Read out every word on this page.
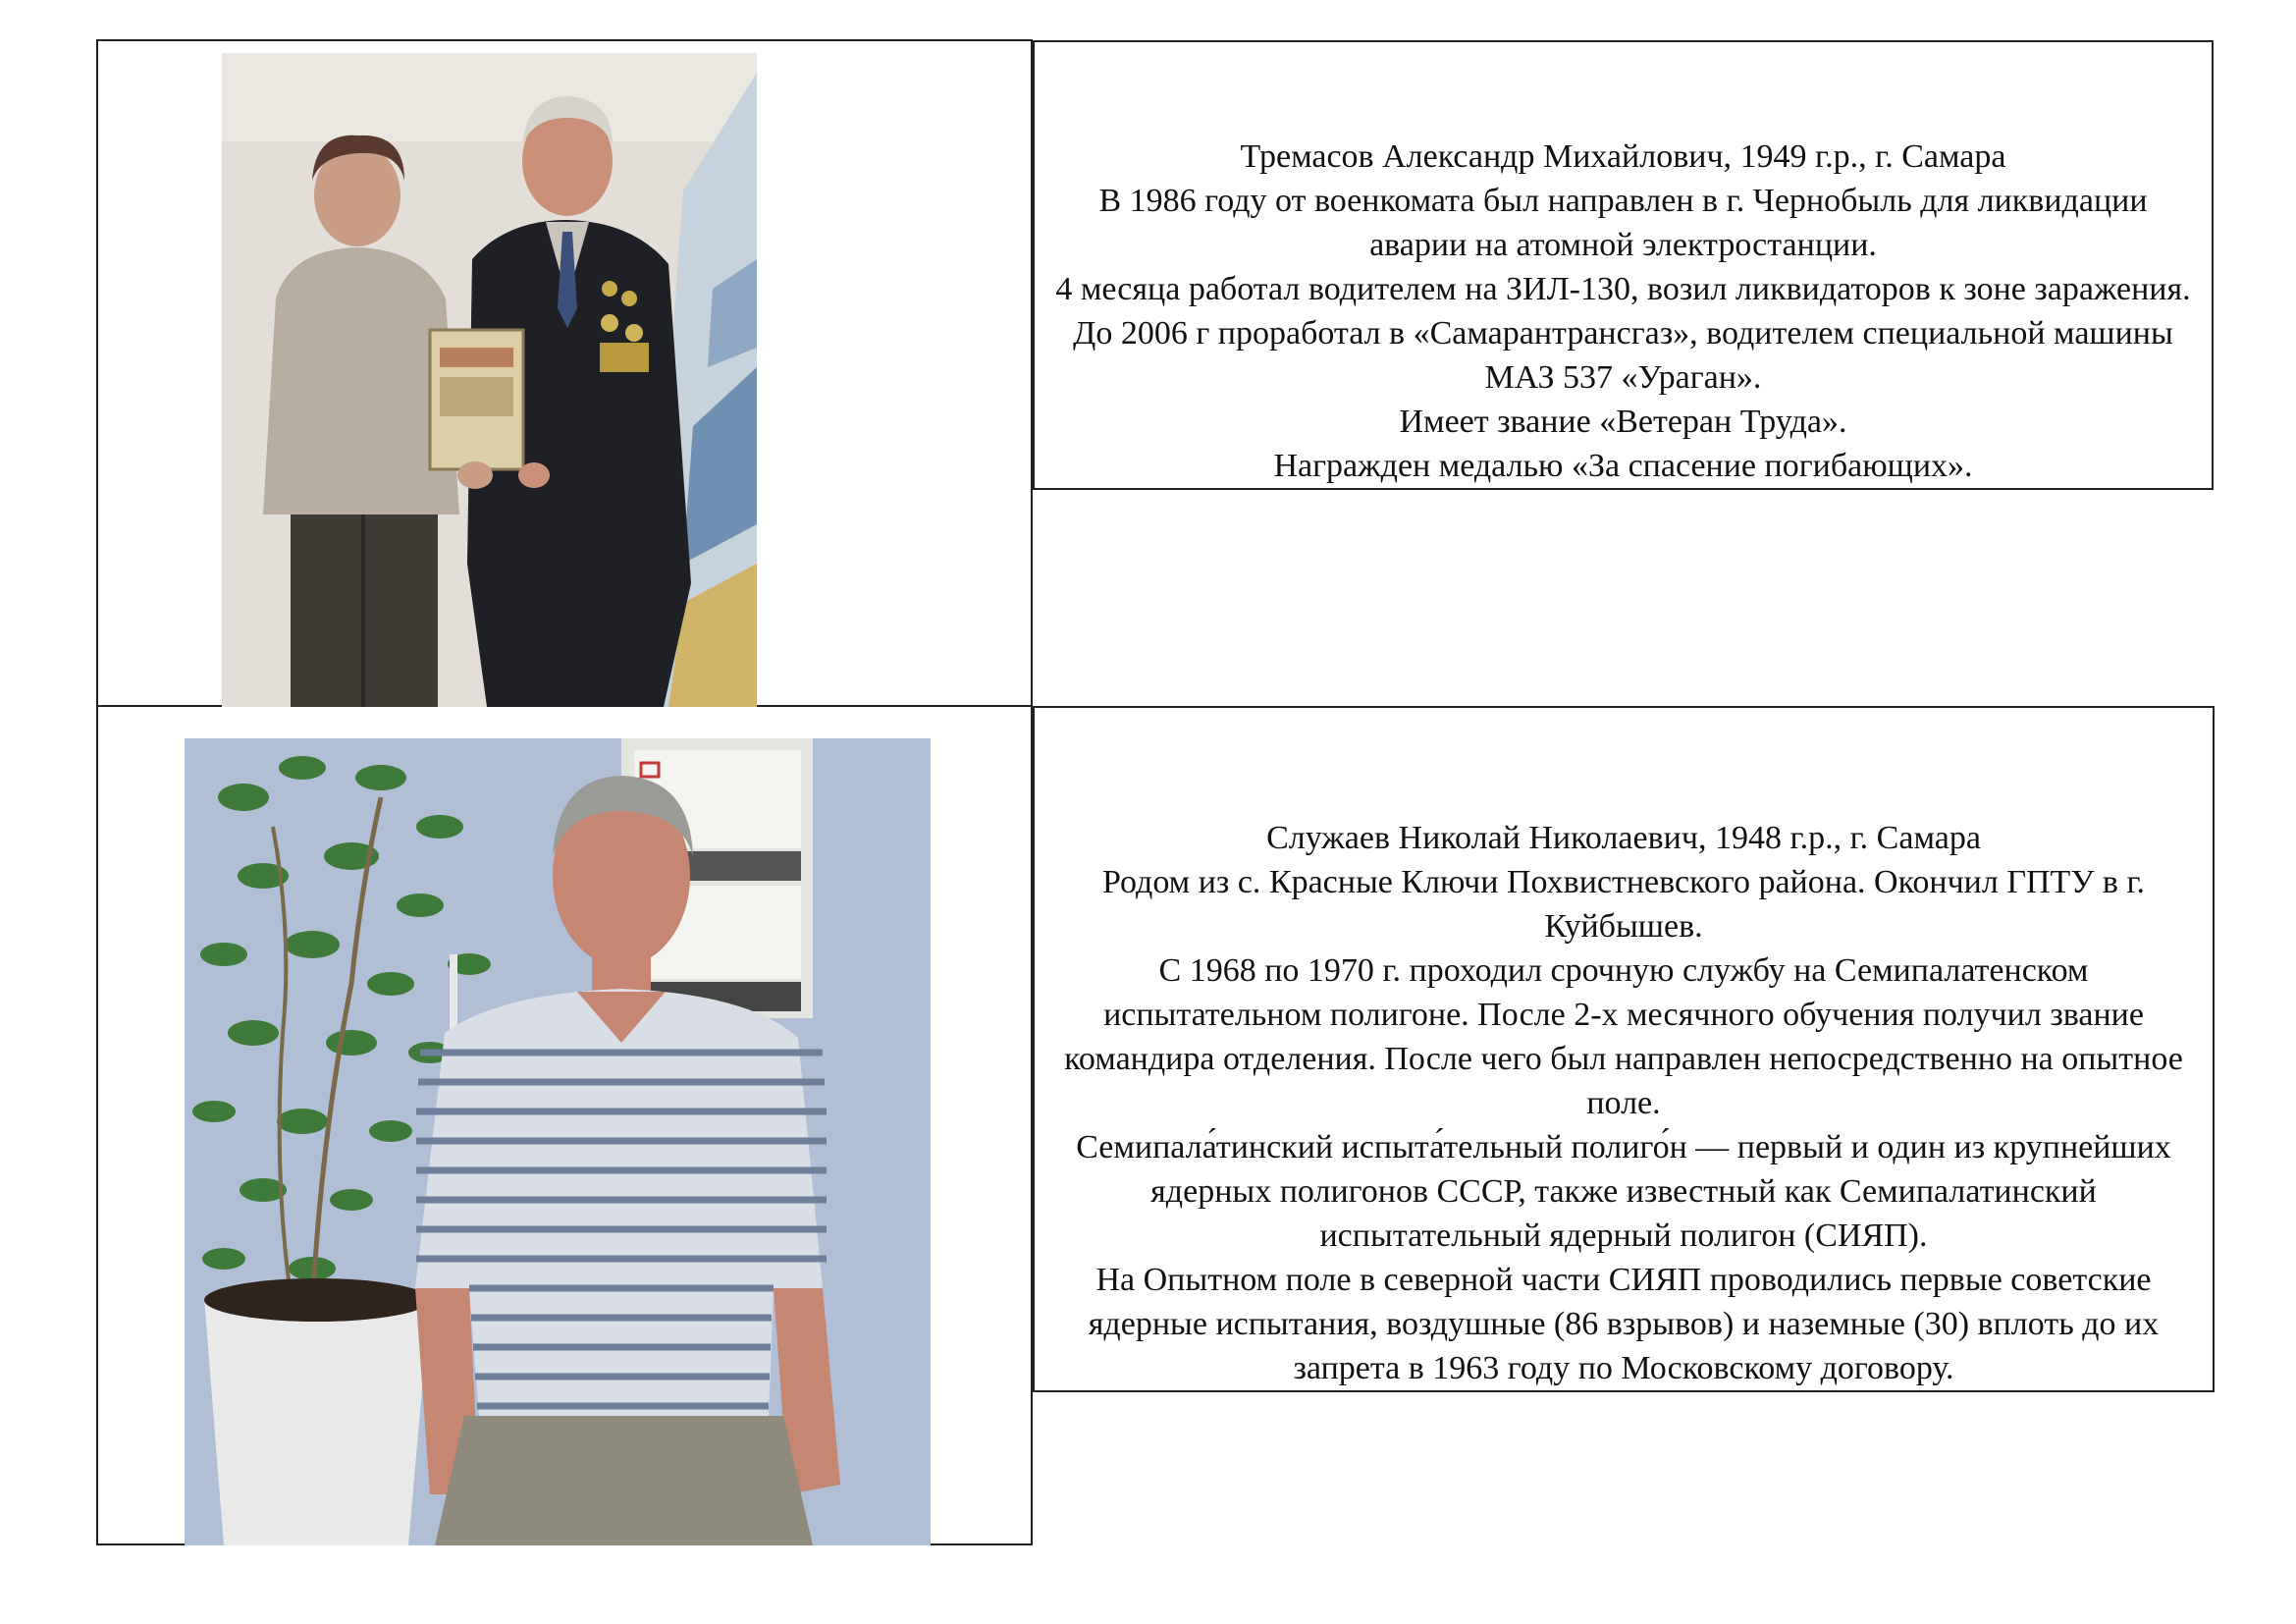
Тремасов Александр Михайлович, 1949 г.р., г. Самара

В 1986 году от военкомата был направлен в г. Чернобыль для ликвидации аварии на атомной электростанции.

4 месяца работал водителем на ЗИЛ-130, возил ликвидаторов к зоне заражения.

До 2006 г проработал в «Самарантрансгаз», водителем специальной машины МАЗ 537 «Ураган».

Имеет звание «Ветеран Труда».

Награжден медалью «За спасение погибающих».

Служаев Николай Николаевич, 1948 г.р., г. Самара

Родом из с. Красные Ключи Похвистневского района. Окончил ГПТУ в г. Куйбышев.

С 1968 по 1970 г. проходил срочную службу на Семипалатенском испытательном полигоне. После 2-х месячного обучения получил звание командира отделения. После чего был направлен непосредственно на опытное поле.

Семипала́тинский испыта́тельный полиго́н — первый и один из крупнейших ядерных полигонов СССР, также известный как Семипалатинский испытательный ядерный полигон (СИЯП).

На Опытном поле в северной части СИЯП проводились первые советские ядерные испытания, воздушные (86 взрывов) и наземные (30) вплоть до их запрета в 1963 году по Московскому договору.
